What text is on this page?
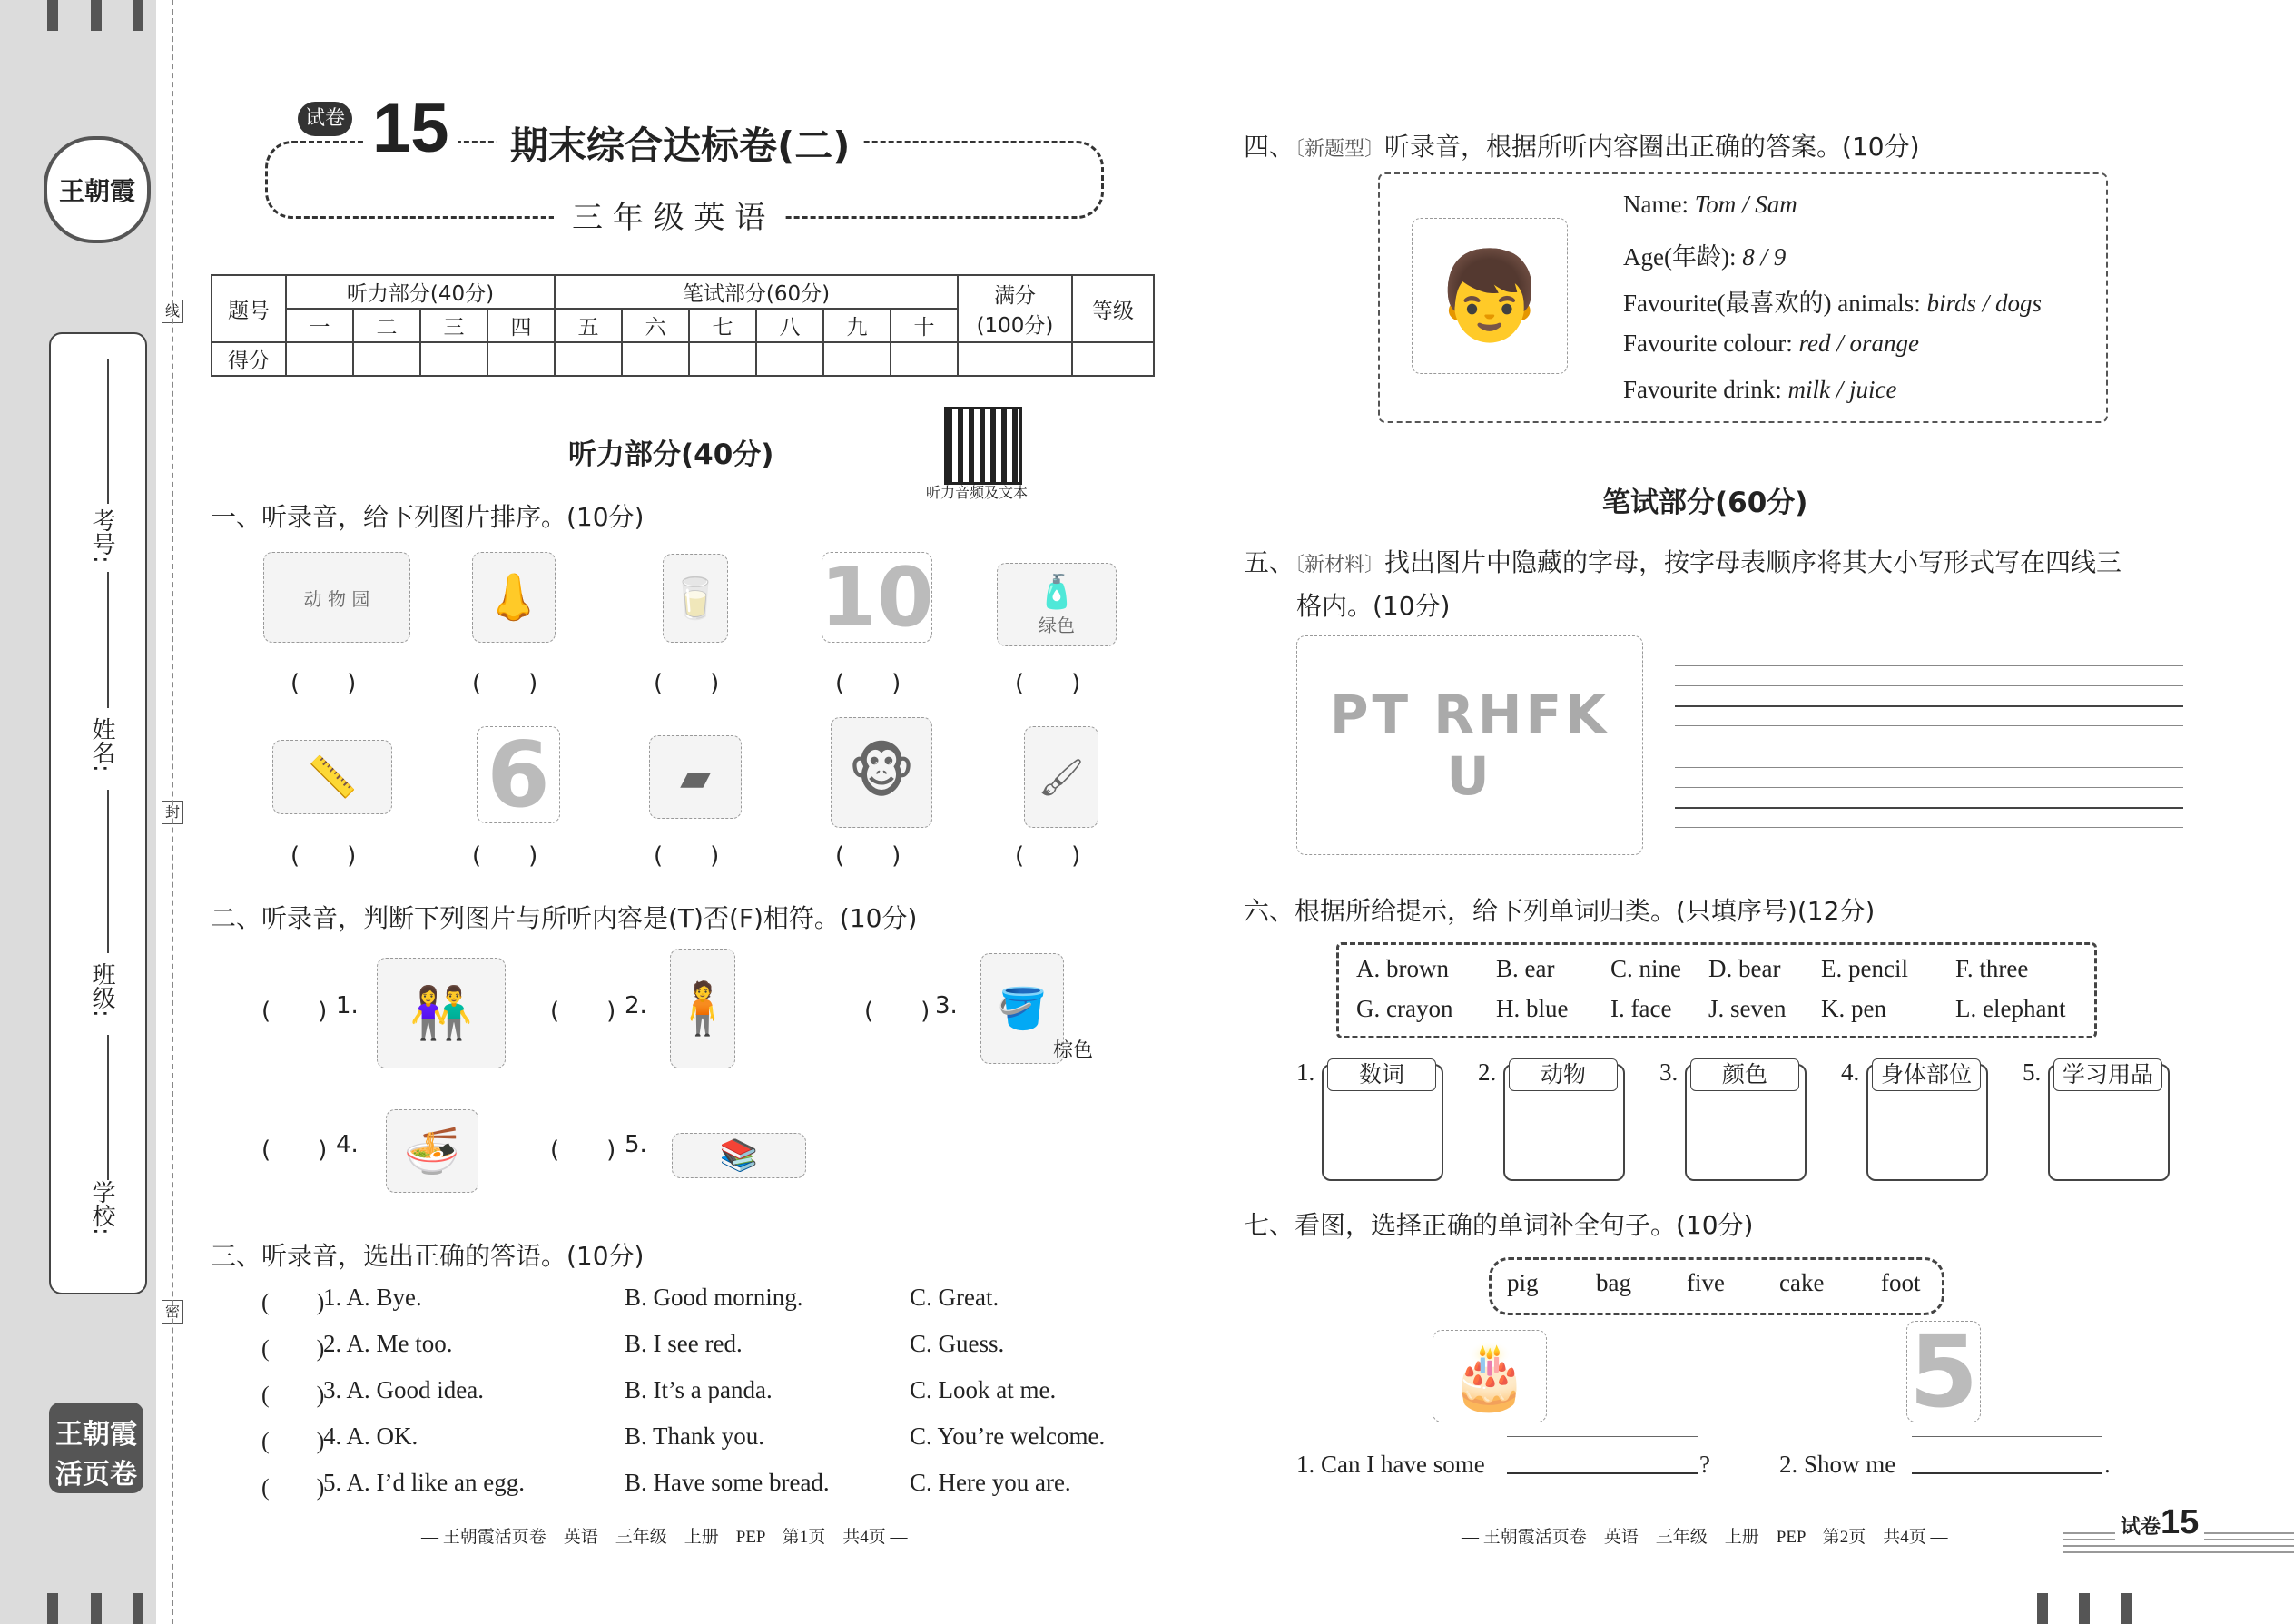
王朝霞
考号:
姓名:
班级:
学校:
线
封
密
王朝霞
活页卷
试卷 15	期末综合达标卷(二)
三 年 级 英 语
题号	听力部分(40分)				笔试部分(60分)						满分
(100分)	等级
	一	二	三	四	五	六	七	八	九	十		
得分												
听力部分(40分)
听力音频及文本
一、听录音，给下列图片排序。(10分)
动 物 园	👃	🥛 10	🧴
绿色
(　　)	(　　)	(　　)	(　　)	(　　)
📏 6	▰ 🐵	🖌
(　　)	(　　)	(　　)	(　　)	(　　)
二、听录音，判断下列图片与所听内容是(T)否(F)相符。(10分)
(　　) 1. 👫	(　　) 2. 🧍	(　　) 3. 🪣
棕色
(　　) 4. 🍜	(　　) 5. 📚
三、听录音，选出正确的答语。(10分)
(　　)
1. A. Bye.	B. Good morning.	C. Great.
(　　)
2. A. Me too.	B. I see red.	C. Guess.
(　　)
3. A. Good idea.	B. It’s a panda.	C. Look at me.
(　　)
4. A. OK.	B. Thank you.	C. You’re welcome.
(　　)
5. A. I’d like an egg.	B. Have some bread.	C. Here you are.
— 王朝霞活页卷　英语　三年级　上册　PEP　第1页　共4页 —
四、〔新题型〕听录音，根据所听内容圈出正确的答案。(10分)
👦
Name: Tom / Sam
Age(年龄): 8 / 9
Favourite(最喜欢的) animals: birds / dogs
Favourite colour: red / orange
Favourite drink: milk / juice
笔试部分(60分)
五、〔新材料〕找出图片中隐藏的字母，按字母表顺序将其大小写形式写在四线三
格内。(10分)
PT RHFK U
六、根据所给提示，给下列单词归类。(只填序号)(12分)
A. brown B. ear C. nine D. bear E. pencil F. three
G. crayon H. blue I. face J. seven K. pen	L. elephant
1.	数词	2.	动物	3.	颜色	4. 身体部位	5. 学习用品
七、看图，选择正确的单词补全句子。(10分)
pig bag five cake foot
🎂	5
1. Can I have some	?	2. Show me	.
— 王朝霞活页卷　英语　三年级　上册　PEP　第2页　共4页 —	试卷15
